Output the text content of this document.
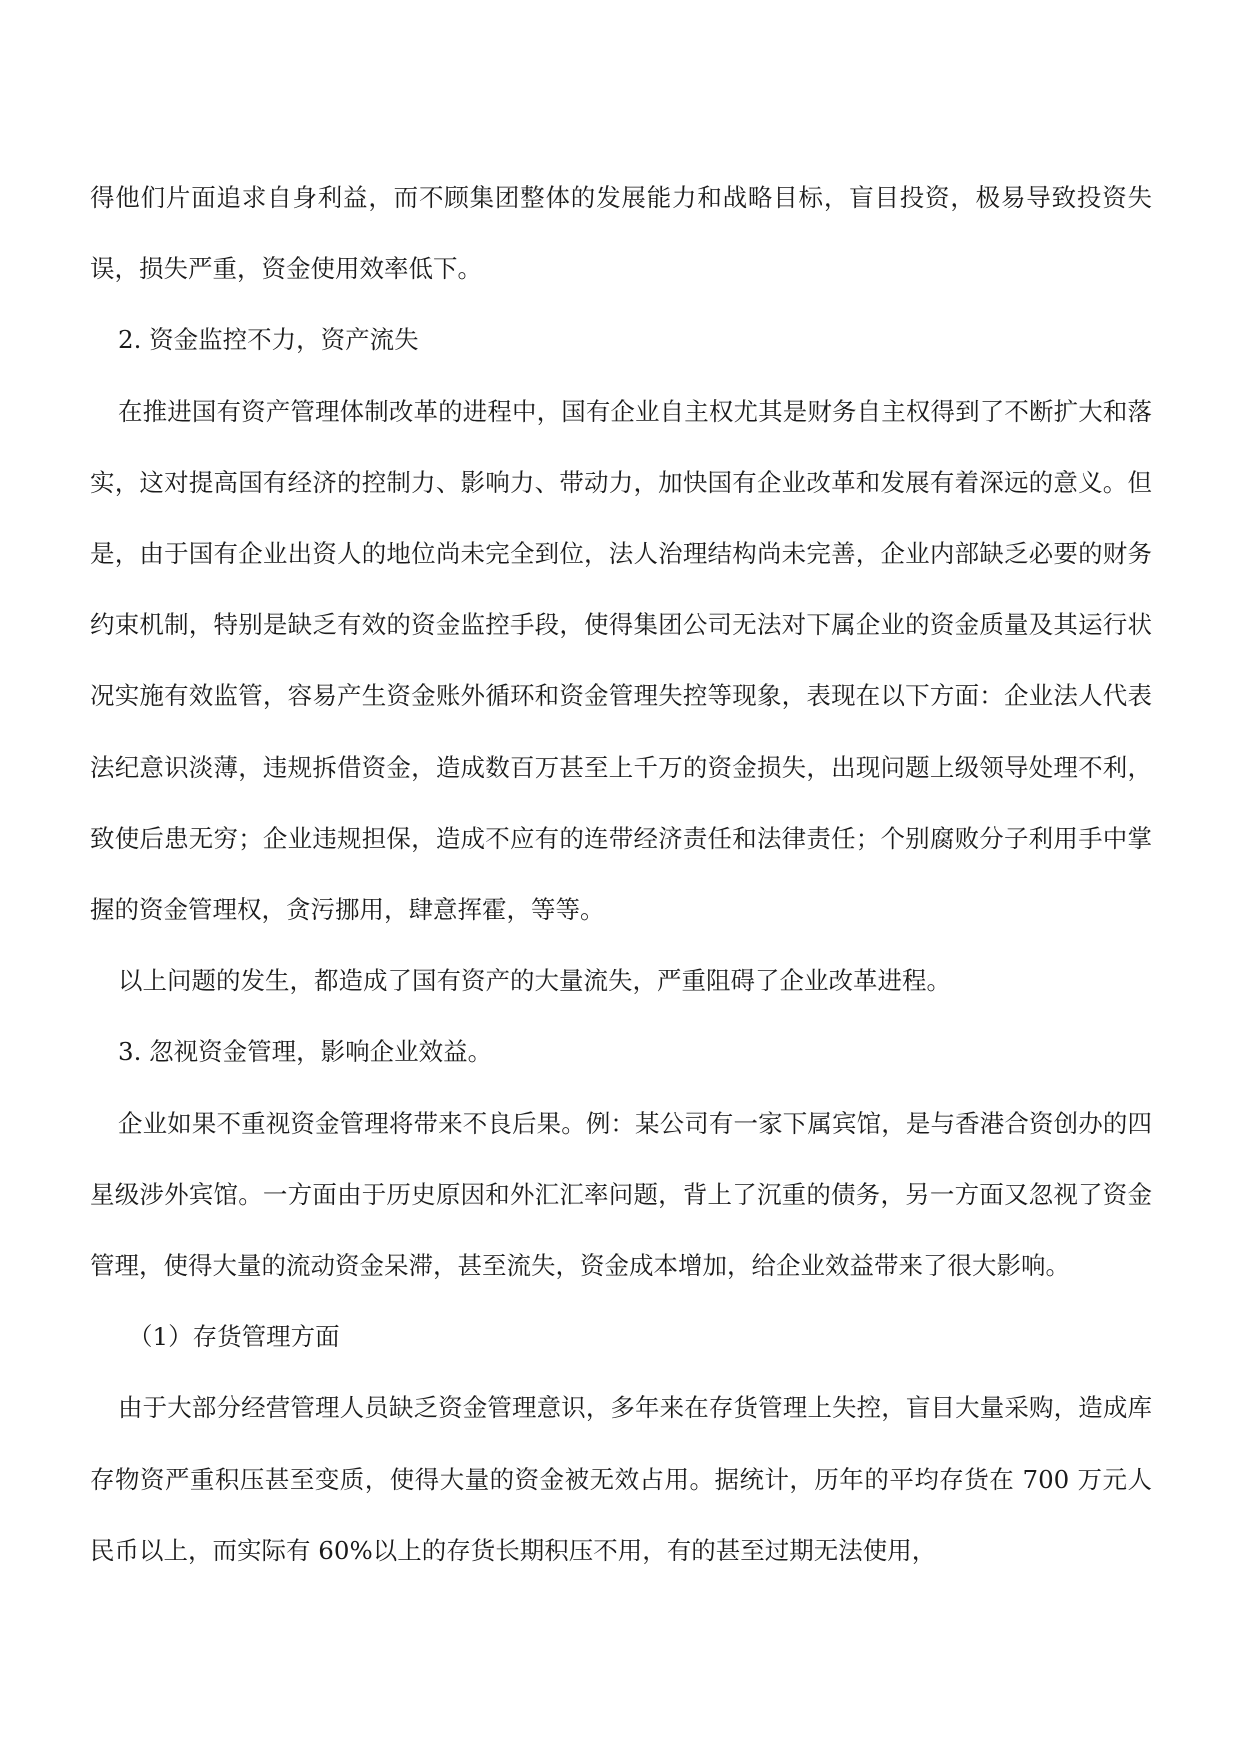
得他们片面追求自身利益，而不顾集团整体的发展能力和战略目标，盲目投资，极易导致投资失误，损失严重，资金使用效率低下。

2. 资金监控不力，资产流失

在推进国有资产管理体制改革的进程中，国有企业自主权尤其是财务自主权得到了不断扩大和落实，这对提高国有经济的控制力、影响力、带动力，加快国有企业改革和发展有着深远的意义。但是，由于国有企业出资人的地位尚未完全到位，法人治理结构尚未完善，企业内部缺乏必要的财务约束机制，特别是缺乏有效的资金监控手段，使得集团公司无法对下属企业的资金质量及其运行状况实施有效监管，容易产生资金账外循环和资金管理失控等现象，表现在以下方面：企业法人代表法纪意识淡薄，违规拆借资金，造成数百万甚至上千万的资金损失，出现问题上级领导处理不利，致使后患无穷；企业违规担保，造成不应有的连带经济责任和法律责任；个别腐败分子利用手中掌握的资金管理权，贪污挪用，肆意挥霍，等等。

以上问题的发生，都造成了国有资产的大量流失，严重阻碍了企业改革进程。

3. 忽视资金管理，影响企业效益。

企业如果不重视资金管理将带来不良后果。例：某公司有一家下属宾馆，是与香港合资创办的四星级涉外宾馆。一方面由于历史原因和外汇汇率问题，背上了沉重的债务，另一方面又忽视了资金管理，使得大量的流动资金呆滞，甚至流失，资金成本增加，给企业效益带来了很大影响。

（1）存货管理方面

由于大部分经营管理人员缺乏资金管理意识，多年来在存货管理上失控，盲目大量采购，造成库存物资严重积压甚至变质，使得大量的资金被无效占用。据统计，历年的平均存货在 700 万元人民币以上，而实际有 60%以上的存货长期积压不用，有的甚至过期无法使用，
